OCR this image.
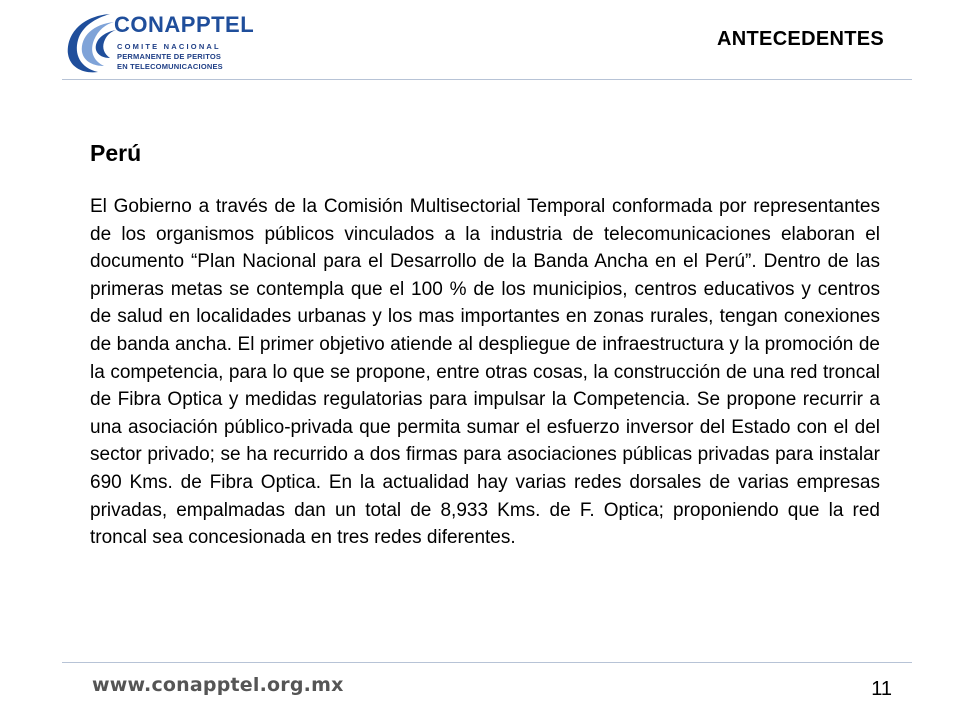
CONAPPTEL
COMITE NACIONAL
PERMANENTE DE PERITOS
EN TELECOMUNICACIONES
ANTECEDENTES
Perú

El Gobierno a través de la Comisión Multisectorial Temporal conformada por representantes de los organismos públicos vinculados a la industria de telecomunicaciones elaboran el documento “Plan Nacional para el Desarrollo de la Banda Ancha en el Perú”. Dentro de las primeras metas se contempla que el 100 % de los municipios, centros educativos y centros de salud en localidades urbanas y los mas importantes en zonas rurales, tengan conexiones de banda ancha. El primer objetivo atiende al despliegue de infraestructura y la promoción de la competencia, para lo que se propone, entre otras cosas, la construcción de una red troncal de Fibra Optica y medidas regulatorias para impulsar la Competencia. Se propone recurrir a una asociación público-privada que permita sumar el esfuerzo inversor del Estado con el del sector privado; se ha recurrido a dos firmas para asociaciones públicas privadas para instalar 690 Kms. de Fibra Optica. En la actualidad hay varias redes dorsales de varias empresas privadas, empalmadas dan un total de 8,933 Kms. de F. Optica; proponiendo que la red troncal sea concesionada en tres redes diferentes.

www.conapptel.org.mx	11
